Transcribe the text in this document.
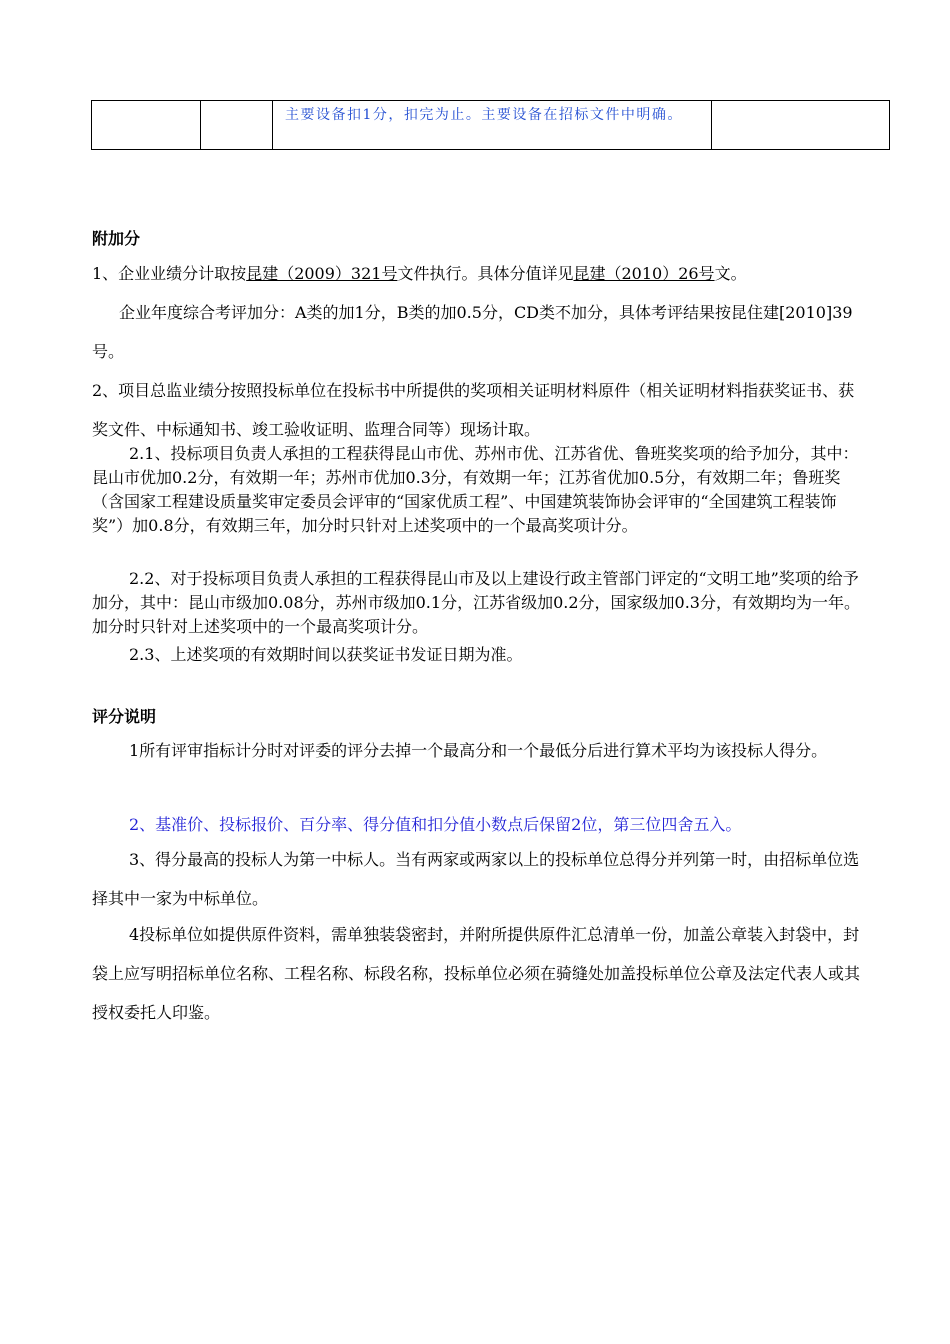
主要设备扣1分，扣完为止。主要设备在招标文件中明确。

附加分
1、企业业绩分计取按昆建（2009）321号文件执行。具体分值详见昆建（2010）26号文。
企业年度综合考评加分：A类的加1分，B类的加0.5分，CD类不加分，具体考评结果按昆住建[2010]39号。
2、项目总监业绩分按照投标单位在投标书中所提供的奖项相关证明材料原件（相关证明材料指获奖证书、获奖文件、中标通知书、竣工验收证明、监理合同等）现场计取。
2.1、投标项目负责人承担的工程获得昆山市优、苏州市优、江苏省优、鲁班奖奖项的给予加分，其中：昆山市优加0.2分，有效期一年；苏州市优加0.3分，有效期一年；江苏省优加0.5分，有效期二年；鲁班奖（含国家工程建设质量奖审定委员会评审的“国家优质工程”、中国建筑装饰协会评审的“全国建筑工程装饰奖”）加0.8分，有效期三年，加分时只针对上述奖项中的一个最高奖项计分。
2.2、对于投标项目负责人承担的工程获得昆山市及以上建设行政主管部门评定的“文明工地”奖项的给予加分，其中：昆山市级加0.08分，苏州市级加0.1分，江苏省级加0.2分，国家级加0.3分，有效期均为一年。加分时只针对上述奖项中的一个最高奖项计分。
2.3、上述奖项的有效期时间以获奖证书发证日期为准。
评分说明
1所有评审指标计分时对评委的评分去掉一个最高分和一个最低分后进行算术平均为该投标人得分。
2、基准价、投标报价、百分率、得分值和扣分值小数点后保留2位，第三位四舍五入。
3、得分最高的投标人为第一中标人。当有两家或两家以上的投标单位总得分并列第一时，由招标单位选择其中一家为中标单位。
4投标单位如提供原件资料，需单独装袋密封，并附所提供原件汇总清单一份，加盖公章装入封袋中，封袋上应写明招标单位名称、工程名称、标段名称，投标单位必须在骑缝处加盖投标单位公章及法定代表人或其授权委托人印鉴。
